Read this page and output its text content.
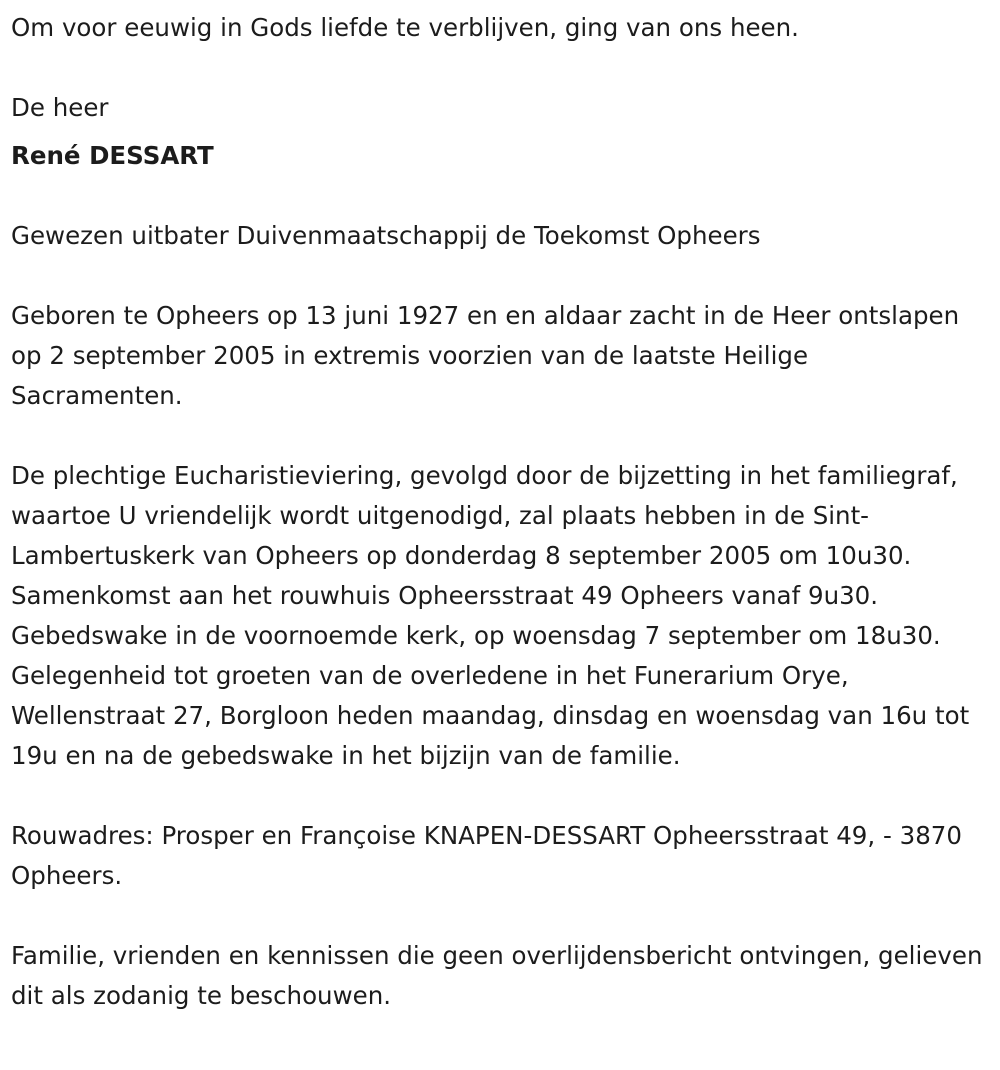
Om voor eeuwig in Gods liefde te verblijven, ging van ons heen.

De heer

René DESSART

Gewezen uitbater Duivenmaatschappij de Toekomst Opheers

Geboren te Opheers op 13 juni 1927 en en aldaar zacht in de Heer ontslapen op 2 september 2005 in extremis voorzien van de laatste Heilige Sacramenten.

De plechtige Eucharistieviering, gevolgd door de bijzetting in het familiegraf, waartoe U vriendelijk wordt uitgenodigd, zal plaats hebben in de Sint-Lambertuskerk van Opheers op donderdag 8 september 2005 om 10u30. Samenkomst aan het rouwhuis Opheersstraat 49 Opheers vanaf 9u30. Gebedswake in de voornoemde kerk, op woensdag 7 september om 18u30. Gelegenheid tot groeten van de overledene in het Funerarium Orye, Wellenstraat 27, Borgloon heden maandag, dinsdag en woensdag van 16u tot 19u en na de gebedswake in het bijzijn van de familie.

Rouwadres: Prosper en Françoise KNAPEN-DESSART Opheersstraat 49, - 3870 Opheers.

Familie, vrienden en kennissen die geen overlijdensbericht ontvingen, gelieven dit als zodanig te beschouwen.
